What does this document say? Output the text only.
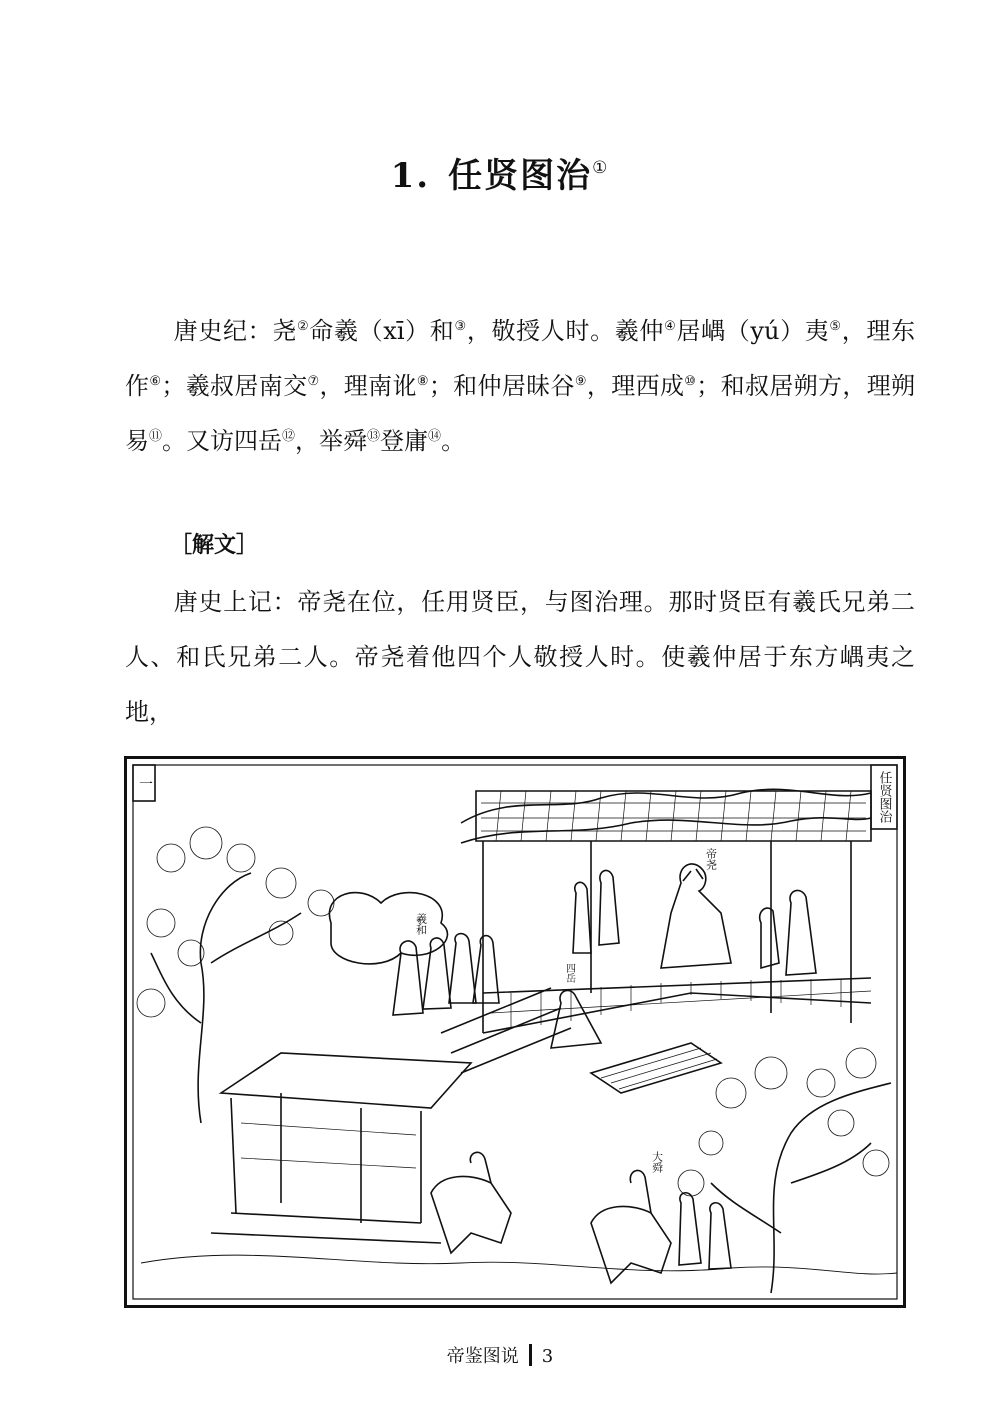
1. 任贤图治①
唐史纪：尧②命羲（xī）和③，敬授人时。羲仲④居嵎（yú）夷⑤，理东作⑥；羲叔居南交⑦，理南讹⑧；和仲居昧谷⑨，理西成⑩；和叔居朔方，理朔易⑪。又访四岳⑫，举舜⑬登庸⑭。
［解文］
唐史上记：帝尧在位，任用贤臣，与图治理。那时贤臣有羲氏兄弟二人、和氏兄弟二人。帝尧着他四个人敬授人时。使羲仲居于东方嵎夷之地，
一	任贤图治
帝尧
羲和
四岳
大舜
帝鉴图说 3
